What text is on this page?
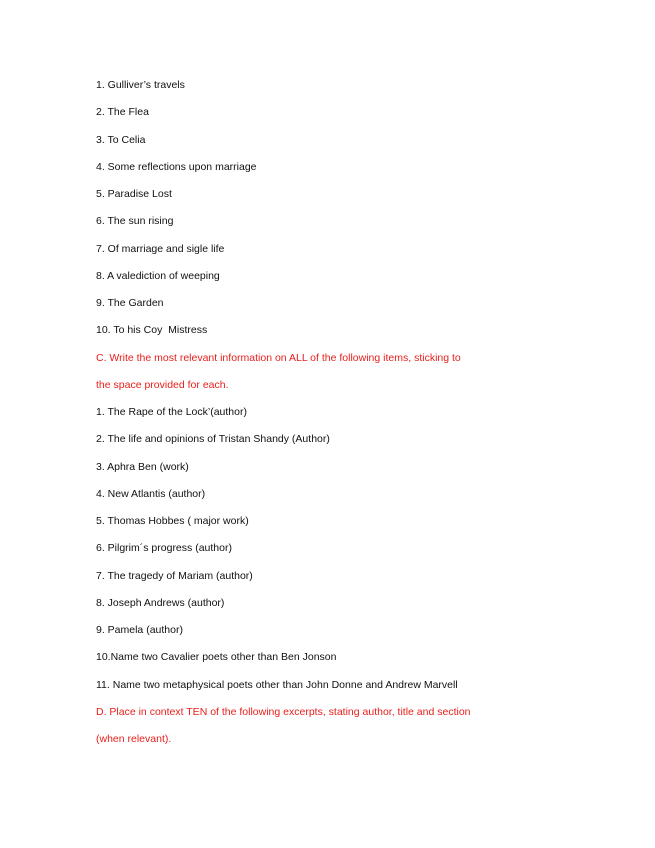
1. Gulliver’s travels
2. The Flea
3. To Celia
4. Some reflections upon marriage
5. Paradise Lost
6. The sun rising
7. Of marriage and sigle life
8. A valediction of weeping
9. The Garden
10. To his Coy  Mistress
C. Write the most relevant information on ALL of the following items, sticking to
the space provided for each.
1. The Rape of the Lock’(author)
2. The life and opinions of Tristan Shandy (Author)
3. Aphra Ben (work)
4. New Atlantis (author)
5. Thomas Hobbes ( major work)
6. Pilgrim´s progress (author)
7. The tragedy of Mariam (author)
8. Joseph Andrews (author)
9. Pamela (author)
10.Name two Cavalier poets other than Ben Jonson
11. Name two metaphysical poets other than John Donne and Andrew Marvell
D. Place in context TEN of the following excerpts, stating author, title and section
(when relevant).
